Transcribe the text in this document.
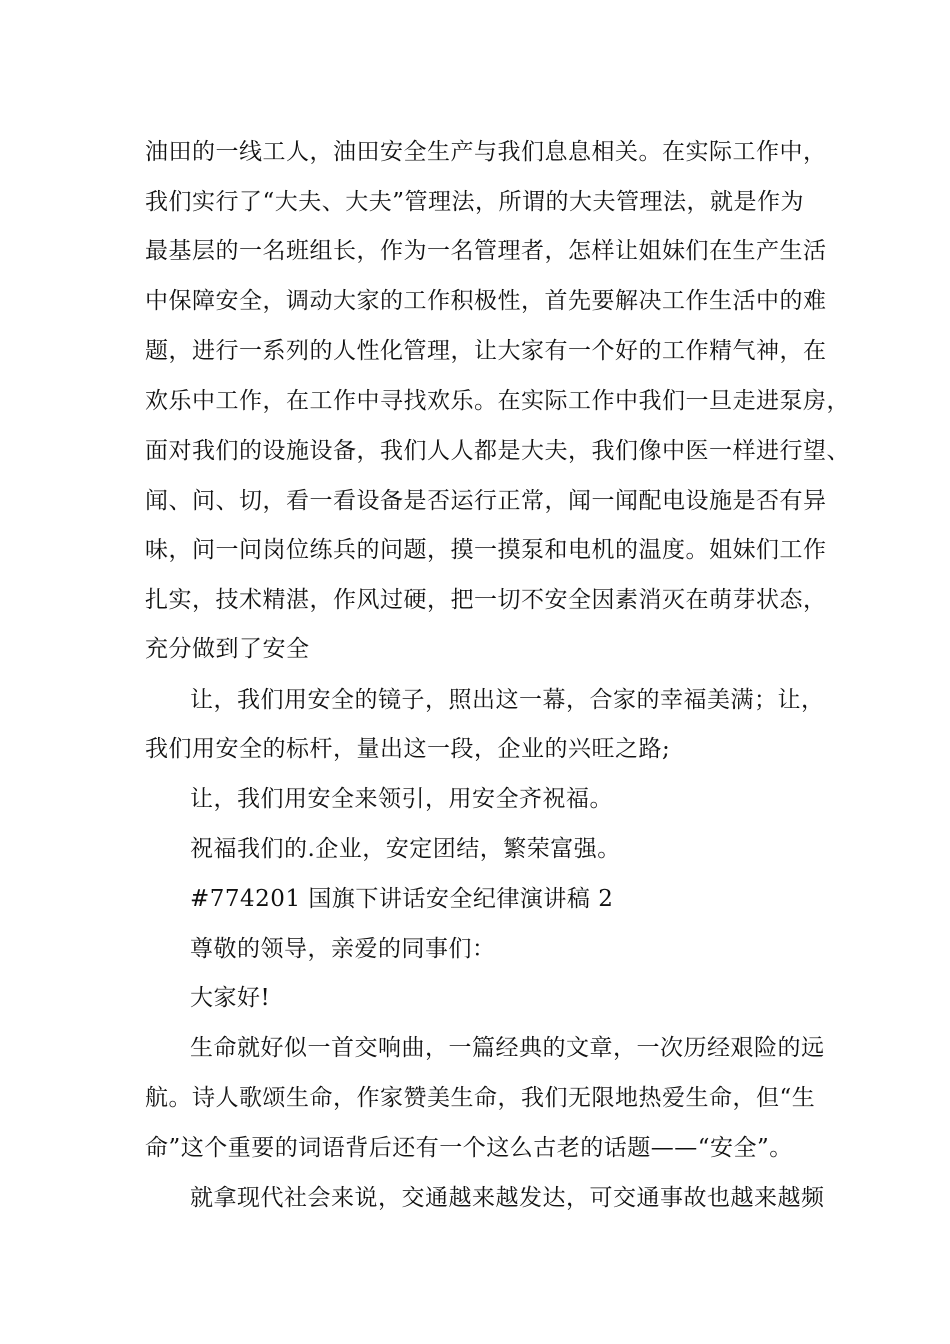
油田的一线工人，油田安全生产与我们息息相关。在实际工作中，
我们实行了“大夫、大夫”管理法，所谓的大夫管理法，就是作为
最基层的一名班组长，作为一名管理者，怎样让姐妹们在生产生活
中保障安全，调动大家的工作积极性，首先要解决工作生活中的难
题，进行一系列的人性化管理，让大家有一个好的工作精气神，在
欢乐中工作，在工作中寻找欢乐。在实际工作中我们一旦走进泵房，
面对我们的设施设备，我们人人都是大夫，我们像中医一样进行望、
闻、问、切，看一看设备是否运行正常，闻一闻配电设施是否有异
味，问一问岗位练兵的问题，摸一摸泵和电机的温度。姐妹们工作
扎实，技术精湛，作风过硬，把一切不安全因素消灭在萌芽状态，
充分做到了安全
让，我们用安全的镜子，照出这一幕，合家的幸福美满；让，
我们用安全的标杆，量出这一段，企业的兴旺之路;
让，我们用安全来领引，用安全齐祝福。
祝福我们的.企业，安定团结，繁荣富强。
#774201 国旗下讲话安全纪律演讲稿 2
尊敬的领导，亲爱的同事们：
大家好!
生命就好似一首交响曲，一篇经典的文章，一次历经艰险的远
航。诗人歌颂生命，作家赞美生命，我们无限地热爱生命，但“生
命”这个重要的词语背后还有一个这么古老的话题——“安全”。
就拿现代社会来说，交通越来越发达，可交通事故也越来越频
